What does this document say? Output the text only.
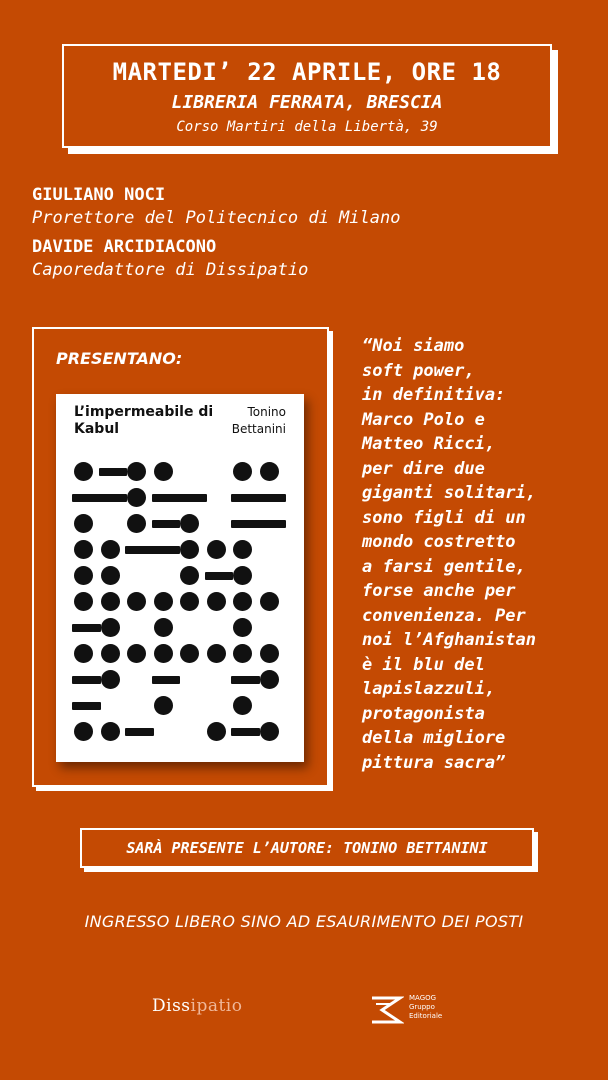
MARTEDI’ 22 APRILE, ORE 18
LIBRERIA FERRATA, BRESCIA
Corso Martiri della Libertà, 39
GIULIANO NOCI
Prorettore del Politecnico di Milano
DAVIDE ARCIDIACONO
Caporedattore di Dissipatio
PRESENTANO:
L’impermeabile di Kabul
Tonino Bettanini
“Noi siamo
soft power,
in definitiva:
Marco Polo e
Matteo Ricci,
per dire due
giganti solitari,
sono figli di un
mondo costretto
a farsi gentile,
forse anche per
convenienza. Per
noi l’Afghanistan
è il blu del
lapislazzuli,
protagonista
della migliore
pittura sacra”
SARÀ PRESENTE L’AUTORE: TONINO BETTANINI
INGRESSO LIBERO SINO AD ESAURIMENTO DEI POSTI
Dissipatio	MAGOG
Gruppo
Editoriale
